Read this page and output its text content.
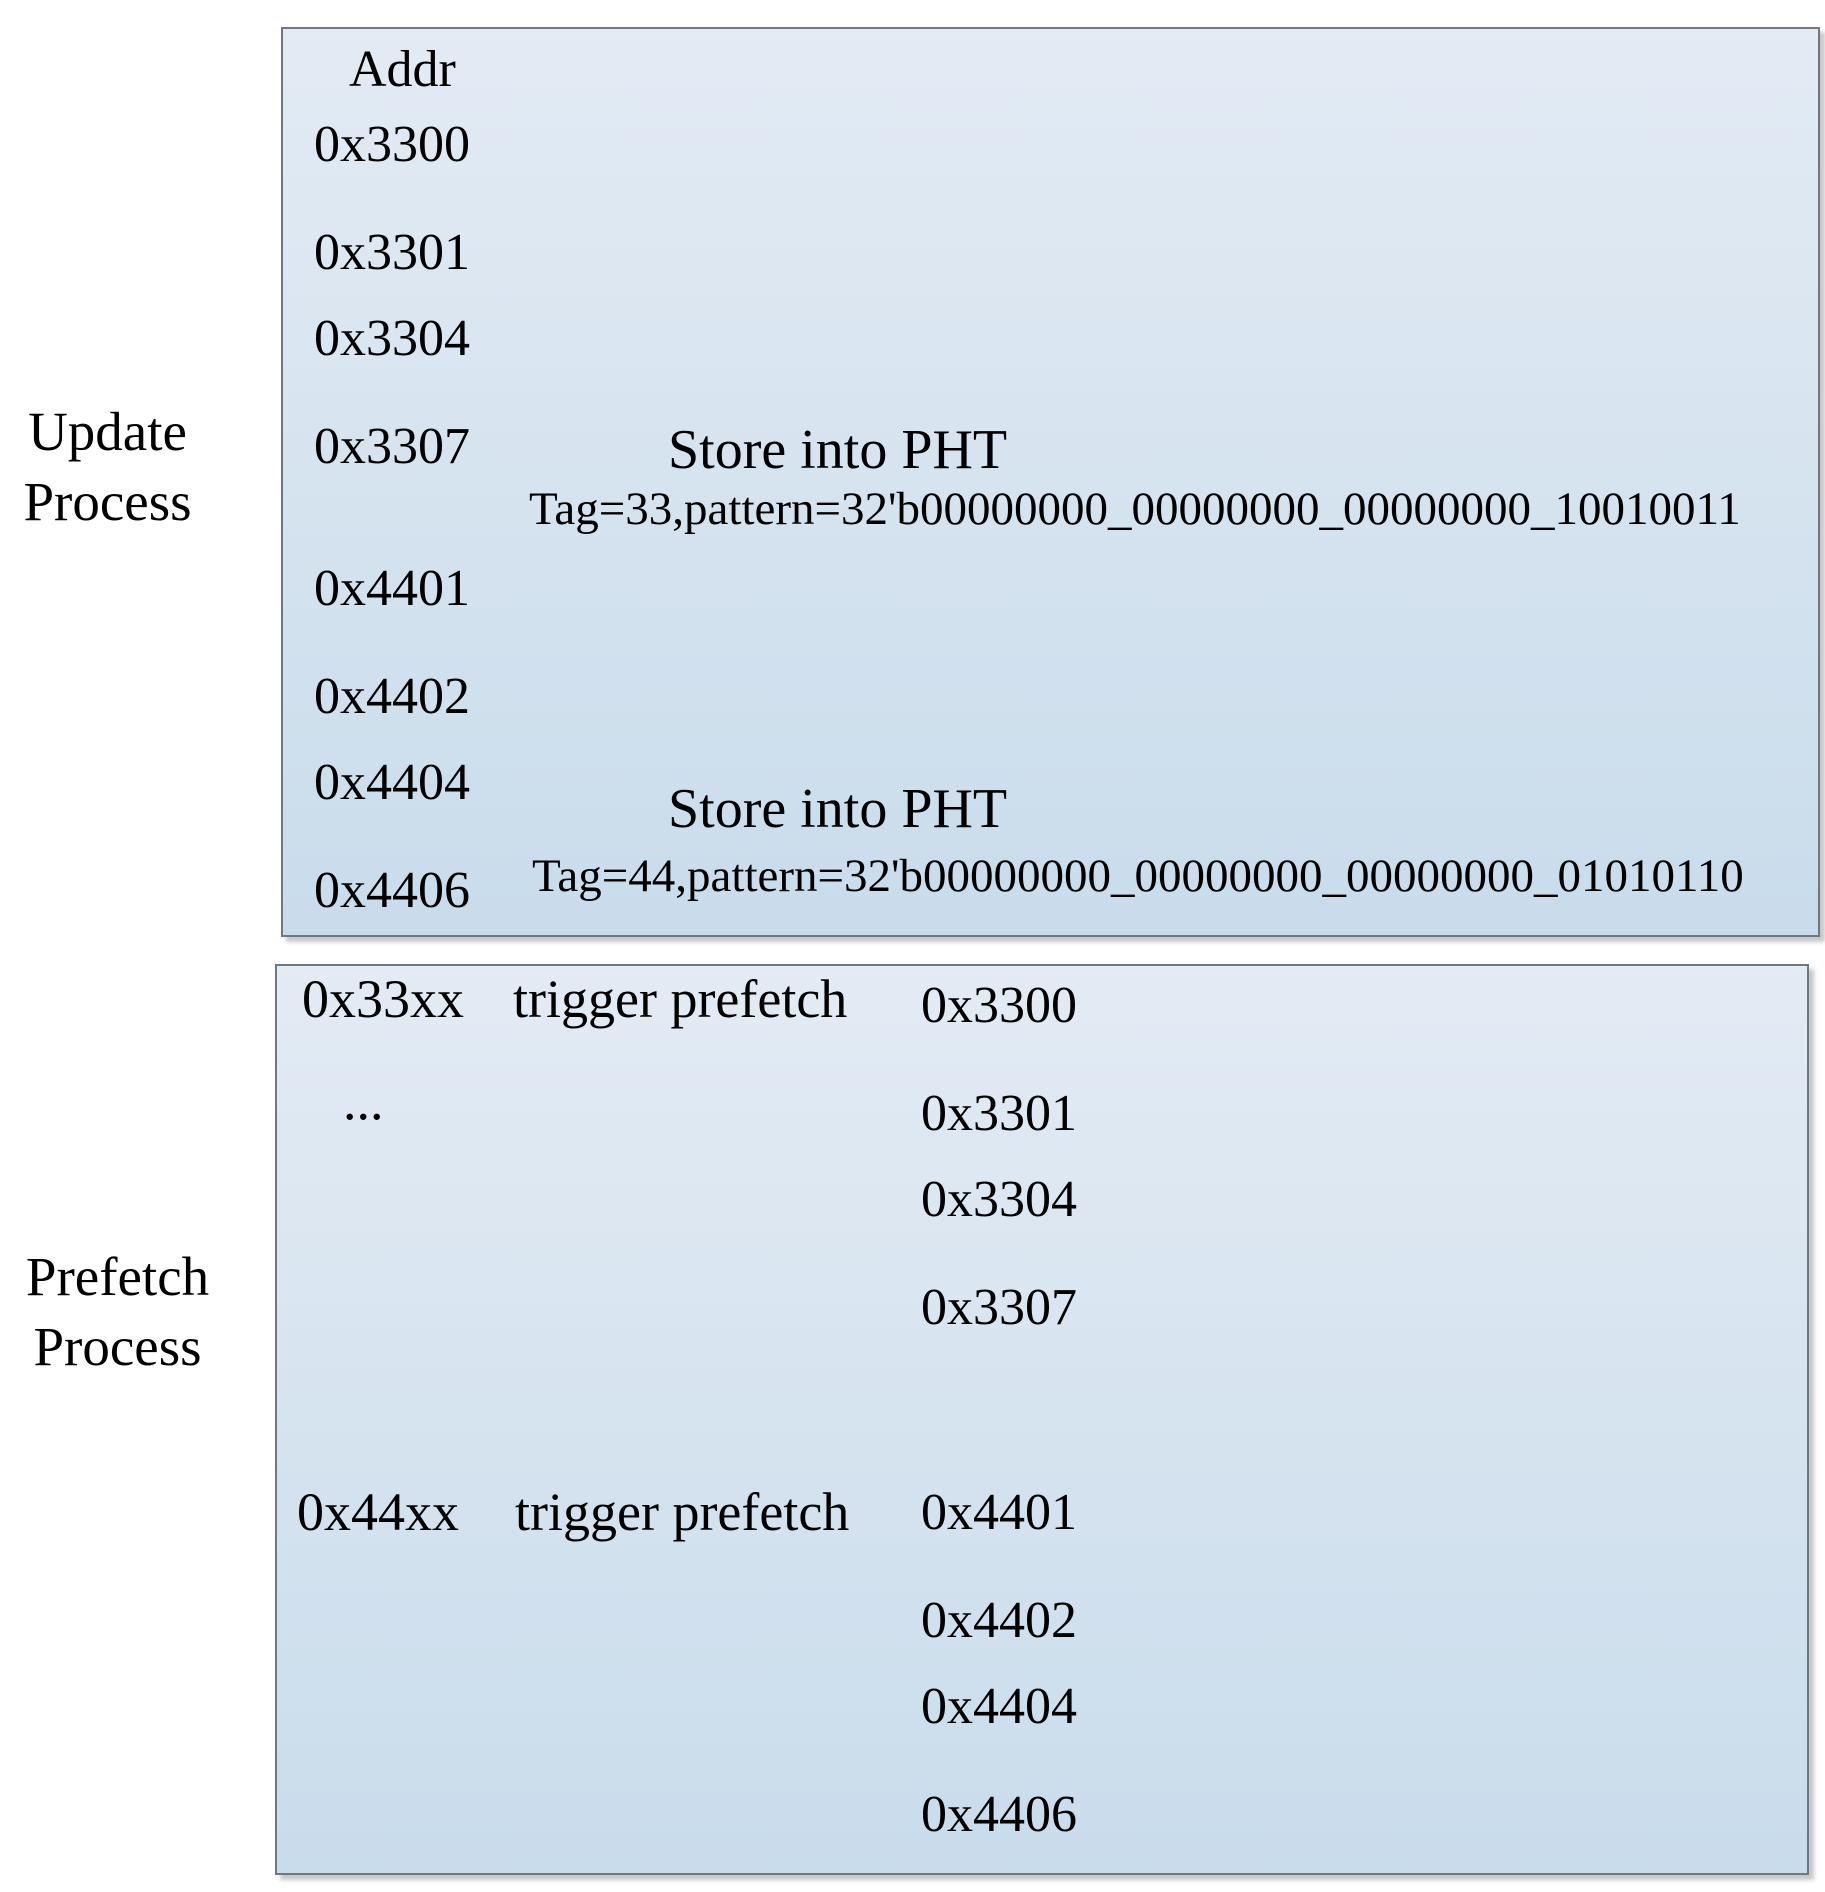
Update
Process
Prefetch
Process
Addr
0x3300
0x3301
0x3304
0x3307
0x4401
0x4402
0x4404
0x4406
Store into PHT
Tag=33,pattern=32'b00000000_00000000_00000000_10010011
Store into PHT
Tag=44,pattern=32'b00000000_00000000_00000000_01010110
0x33xx trigger prefetch
...
0x44xx trigger prefetch
0x3300
0x3301
0x3304
0x3307
0x4401
0x4402
0x4404
0x4406
